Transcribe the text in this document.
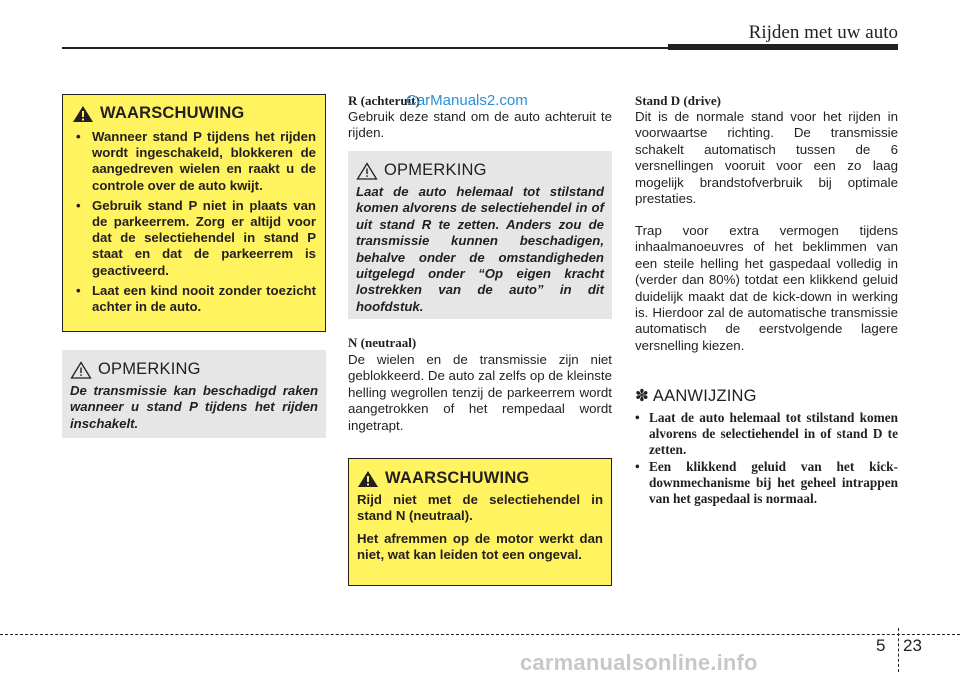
Rijden met uw auto
WAARSCHUWING
• Wanneer stand P tijdens het rijden wordt ingeschakeld, blokkeren de aangedreven wielen en raakt u de controle over de auto kwijt.
• Gebruik stand P niet in plaats van de parkeerrem. Zorg er altijd voor dat de selectiehendel in stand P staat en dat de parkeerrem is geactiveerd.
• Laat een kind nooit zonder toezicht achter in de auto.
OPMERKING
De transmissie kan beschadigd raken wanneer u stand P tijdens het rijden inschakelt.
R (achteruit)
CarManuals2.com

Gebruik deze stand om de auto achteruit te rijden.

OPMERKING
Laat de auto helemaal tot stilstand komen alvorens de selectiehendel in of uit stand R te zetten. Anders zou de transmissie kunnen beschadigen, behalve onder de omstandigheden uitgelegd onder “Op eigen kracht lostrekken van de auto” in dit hoofdstuk.
N (neutraal)

De wielen en de transmissie zijn niet geblokkeerd. De auto zal zelfs op de kleinste helling wegrollen tenzij de parkeerrem wordt aangetrokken of het rempedaal wordt ingetrapt.

WAARSCHUWING

Rijd niet met de selectiehendel in stand N (neutraal).

Het afremmen op de motor werkt dan niet, wat kan leiden tot een ongeval.

Stand D (drive)

Dit is de normale stand voor het rijden in voorwaartse richting. De transmissie schakelt automatisch tussen de 6 versnellingen vooruit voor een zo laag mogelijk brandstofverbruik bij optimale prestaties.

Trap voor extra vermogen tijdens inhaalmanoeuvres of het beklimmen van een steile helling het gaspedaal volledig in (verder dan 80%) totdat een klikkend geluid duidelijk maakt dat de kick-down in werking is. Hierdoor zal de automatische transmissie automatisch de eerstvolgende lagere versnelling kiezen.

✽ AANWIJZING
• Laat de auto helemaal tot stilstand komen alvorens de selectiehendel in of stand D te zetten.
• Een klikkend geluid van het kick-downmechanisme bij het geheel intrappen van het gaspedaal is normaal.
5 23
carmanualsonline.info
